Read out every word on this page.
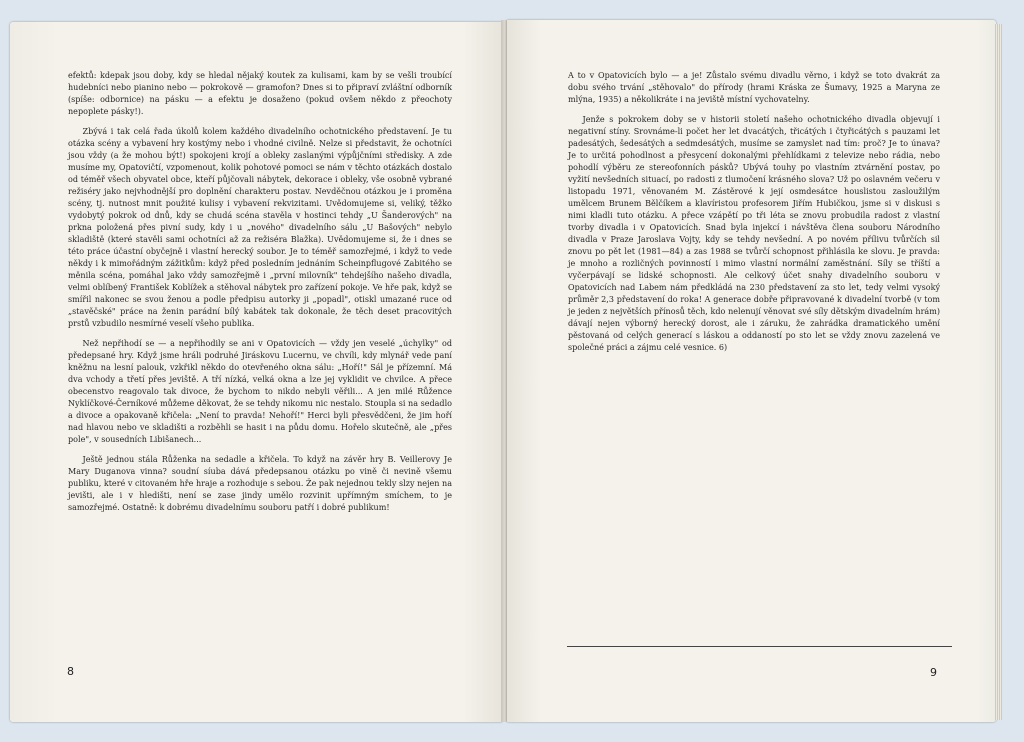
efektů: kdepak jsou doby, kdy se hledal nějaký koutek za kulisami, kam by se vešli troubící hudebníci nebo pianino nebo — pokrokově — gramofon? Dnes si to připraví zvláštní odborník (spíše: odbornice) na pásku — a efektu je dosaženo (pokud ovšem někdo z přeochoty nepoplete pásky!).

Zbývá i tak celá řada úkolů kolem každého divadelního ochotnického představení. Je tu otázka scény a vybavení hry kostýmy nebo i vhodné civilně. Nelze si představit, že ochotníci jsou vždy (a že mohou být!) spokojeni krojí a obleky zaslanými výpůjčními středisky. A zde musíme my, Opatovičtí, vzpomenout, kolik pohotové pomoci se nám v těchto otázkách dostalo od téměř všech obyvatel obce, kteří půjčovali nábytek, dekorace i obleky, vše osobně vybrané režiséry jako nejvhodnější pro doplnění charakteru postav. Nevděčnou otázkou je i proměna scény, tj. nutnost mnit použité kulisy i vybavení rekvizitami. Uvědomujeme si, veliký, těžko vydobytý pokrok od dnů, kdy se chudá scéna stavěla v hostinci tehdy „U Šanderových" na prkna položená přes pivní sudy, kdy i u „nového" divadelního sálu „U Bašových" nebylo skladiště (které stavěli sami ochotníci až za režiséra Blažka). Uvědomujeme si, že i dnes se této práce účastní obyčejně i vlastní herecký soubor. Je to téměř samozřejmé, i když to vede někdy i k mimořádným zážitkům: když před posledním jednáním Scheinpflugové Zabitého se měnila scéna, pomáhal jako vždy samozřejmě i „první milovník" tehdejšího našeho divadla, velmi oblíbený František Koblížek a stěhoval nábytek pro zařízení pokoje. Ve hře pak, když se smířil nakonec se svou ženou a podle předpisu autorky ji „popadl", otiskl umazané ruce od „stavěčské" práce na ženin parádní bílý kabátek tak dokonale, že těch deset pracovitých prstů vzbudilo nesmírné veselí všeho publika.

Než nepřihodí se — a nepřihodily se ani v Opatovicích — vždy jen veselé „úchylky" od předepsané hry. Když jsme hráli podruhé Jiráskovu Lucernu, ve chvíli, kdy mlynář vede paní kněžnu na lesní palouk, vzkřikl někdo do otevřeného okna sálu: „Hoří!" Sál je přízemní. Má dva vchody a třetí přes jeviště. A tří nízká, velká okna a lze jej vyklidit ve chvilce. A přece obecenstvo reagovalo tak divoce, že bychom to nikdo nebyli věřili... A jen milé Růžence Nyklíčkové-Černíkové můžeme děkovat, že se tehdy nikomu nic nestalo. Stoupla si na sedadlo a divoce a opakovaně křičela: „Není to pravda! Nehoří!" Herci byli přesvědčeni, že jim hoří nad hlavou nebo ve skladišti a rozběhli se hasit i na půdu domu. Hořelo skutečně, ale „přes pole", v sousedních Libišanech...

Ještě jednou stála Růženka na sedadle a křičela. To když na závěr hry B. Veillerovy Je Mary Duganova vinna? soudní síuba dává předepsanou otázku po vině či nevině všemu publiku, které v citovaném hře hraje a rozhoduje s sebou. Že pak nejednou tekly slzy nejen na jevišti, ale i v hledišti, není se zase jindy umělo rozvinit upřímným smíchem, to je samozřejmé. Ostatně: k dobrému divadelnímu souboru patří i dobré publikum!

8

A to v Opatovicích bylo — a je! Zůstalo svému divadlu věrno, i když se toto dvakrát za dobu svého trvání „stěhovalo" do přírody (hrami Kráska ze Šumavy, 1925 a Maryna ze mlýna, 1935) a několikráte i na jeviště místní vychovatelny.

Jenže s pokrokem doby se v historii století našeho ochotnického divadla objevují i negativní stíny. Srovnáme-li počet her let dvacátých, třicátých i čtyřicátých s pauzami let padesátých, šedesátých a sedmdesátých, musíme se zamyslet nad tím: proč? Je to únava? Je to určitá pohodlnost a přesycení dokonalými přehlídkami z televize nebo rádia, nebo pohodlí výběru ze stereofonních pásků? Ubývá touhy po vlastním ztvárnění postav, po vyžití nevšedních situací, po radosti z tlumočení krásného slova? Už po oslavném večeru v listopadu 1971, věnovaném M. Zástěrové k její osmdesátce houslistou zasloužilým umělcem Brunem Bělčíkem a klavíristou profesorem Jiřím Hubičkou, jsme si v diskusi s nimi kladli tuto otázku. A přece vzápětí po tři léta se znovu probudila radost z vlastní tvorby divadla i v Opatovicích. Snad byla injekcí i návštěva člena souboru Národního divadla v Praze Jaroslava Vojty, kdy se tehdy nevšední. A po novém přílivu tvůrčích sil znovu po pět let (1981—84) a zas 1988 se tvůrčí schopnost přihlásila ke slovu. Je pravda: je mnoho a rozličných povinností i mimo vlastní normální zaměstnání. Síly se tříští a vyčerpávají se lidské schopnosti. Ale celkový účet snahy divadelního souboru v Opatovicích nad Labem nám předkládá na 230 představení za sto let, tedy velmi vysoký průměr 2,3 představení do roka! A generace dobře připravované k divadelní tvorbě (v tom je jeden z největších přínosů těch, kdo nelenují věnovat své síly dětským divadelním hrám) dávají nejen výborný herecký dorost, ale i záruku, že zahrádka dramatického umění pěstovaná od celých generací s láskou a oddaností po sto let se vždy znovu zazelená ve společné práci a zájmu celé vesnice. 6)

9
